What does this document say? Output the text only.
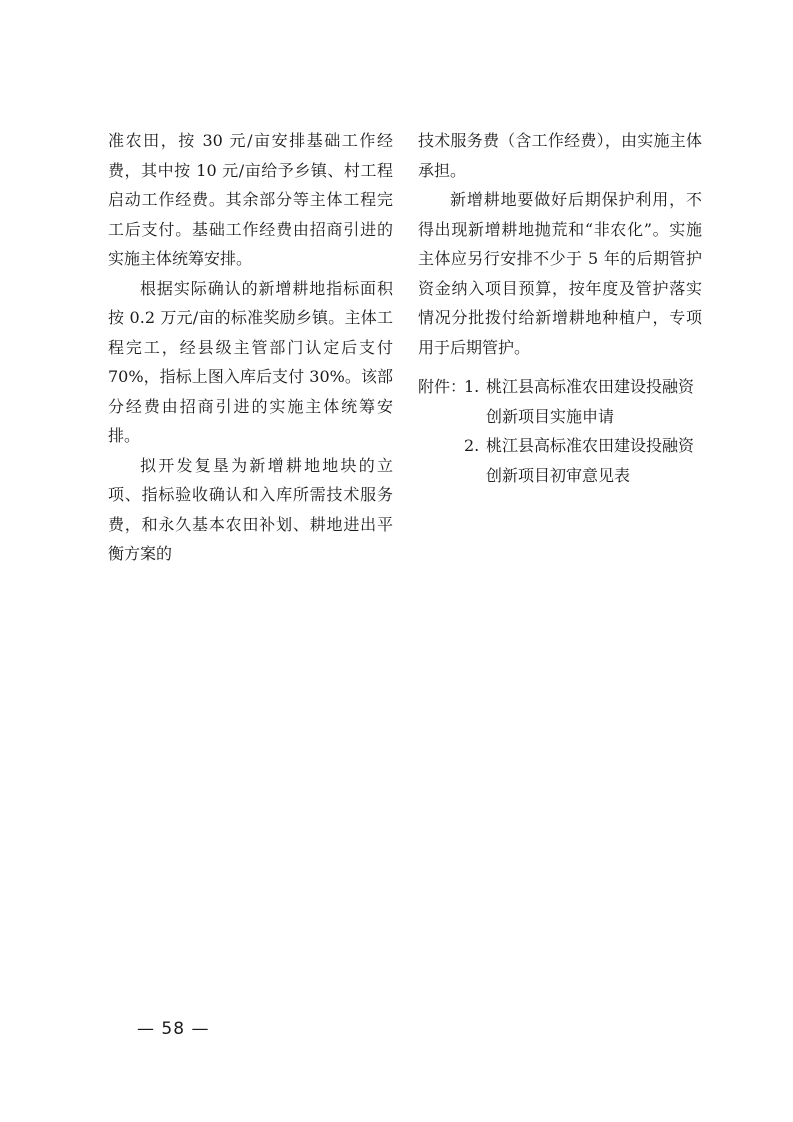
准农田，按 30 元/亩安排基础工作经费，其中按 10 元/亩给予乡镇、村工程启动工作经费。其余部分等主体工程完工后支付。基础工作经费由招商引进的实施主体统筹安排。

根据实际确认的新增耕地指标面积按 0.2 万元/亩的标准奖励乡镇。主体工程完工，经县级主管部门认定后支付 70%，指标上图入库后支付 30%。该部分经费由招商引进的实施主体统筹安排。

拟开发复垦为新增耕地地块的立项、指标验收确认和入库所需技术服务费，和永久基本农田补划、耕地进出平衡方案的

技术服务费（含工作经费），由实施主体承担。

新增耕地要做好后期保护利用，不得出现新增耕地抛荒和“非农化”。实施主体应另行安排不少于 5 年的后期管护资金纳入项目预算，按年度及管护落实情况分批拨付给新增耕地种植户，专项用于后期管护。

附件：
1. 桃江县高标准农田建设投融资创新项目实施申请
2. 桃江县高标准农田建设投融资创新项目初审意见表
— 58 —
